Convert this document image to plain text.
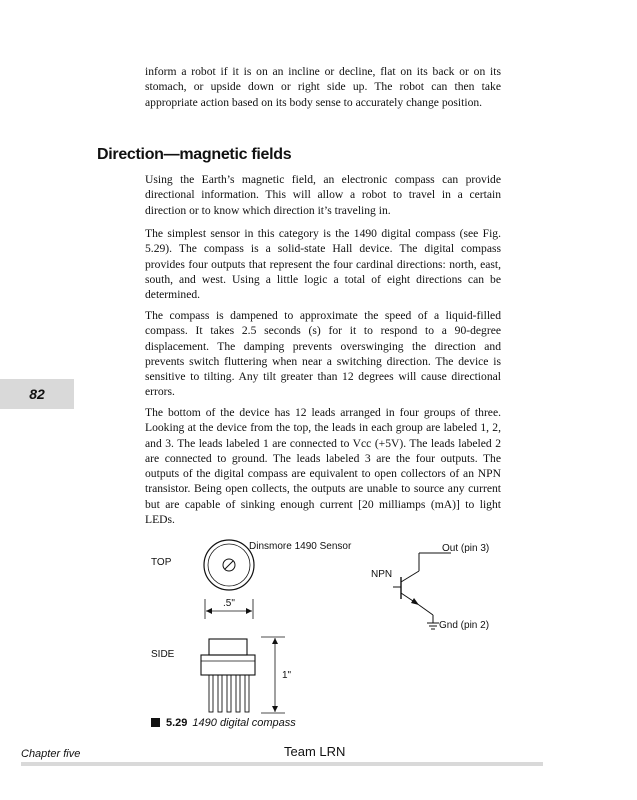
inform a robot if it is on an incline or decline, flat on its back or on its stomach, or upside down or right side up. The robot can then take appropriate action based on its body sense to accurately change position.

Direction—magnetic fields

Using the Earth’s magnetic field, an electronic compass can provide directional information. This will allow a robot to travel in a certain direction or to know which direction it’s traveling in.

The simplest sensor in this category is the 1490 digital compass (see Fig. 5.29). The compass is a solid-state Hall device. The digital compass provides four outputs that represent the four cardinal directions: north, east, south, and west. Using a little logic a total of eight directions can be determined.

The compass is dampened to approximate the speed of a liquid-filled compass. It takes 2.5 seconds (s) for it to respond to a 90-degree displacement. The damping prevents overswinging the direction and prevents switch fluttering when near a switching direction. The device is sensitive to tilting. Any tilt greater than 12 degrees will cause directional errors.

The bottom of the device has 12 leads arranged in four groups of three. Looking at the device from the top, the leads in each group are labeled 1, 2, and 3. The leads labeled 1 are connected to Vcc (+5V). The leads labeled 2 are connected to ground. The leads labeled 3 are the four outputs. The outputs of the digital compass are equivalent to open collectors of an NPN transistor. Being open collects, the outputs are unable to source any current but are capable of sinking enough current [20 milliamps (mA)] to light LEDs.

82
TOP
Dinsmore 1490 Sensor
.5"
SIDE
1"
NPN
Out (pin 3)
Gnd (pin 2)
5.29 1490 digital compass
Chapter five	Team LRN
